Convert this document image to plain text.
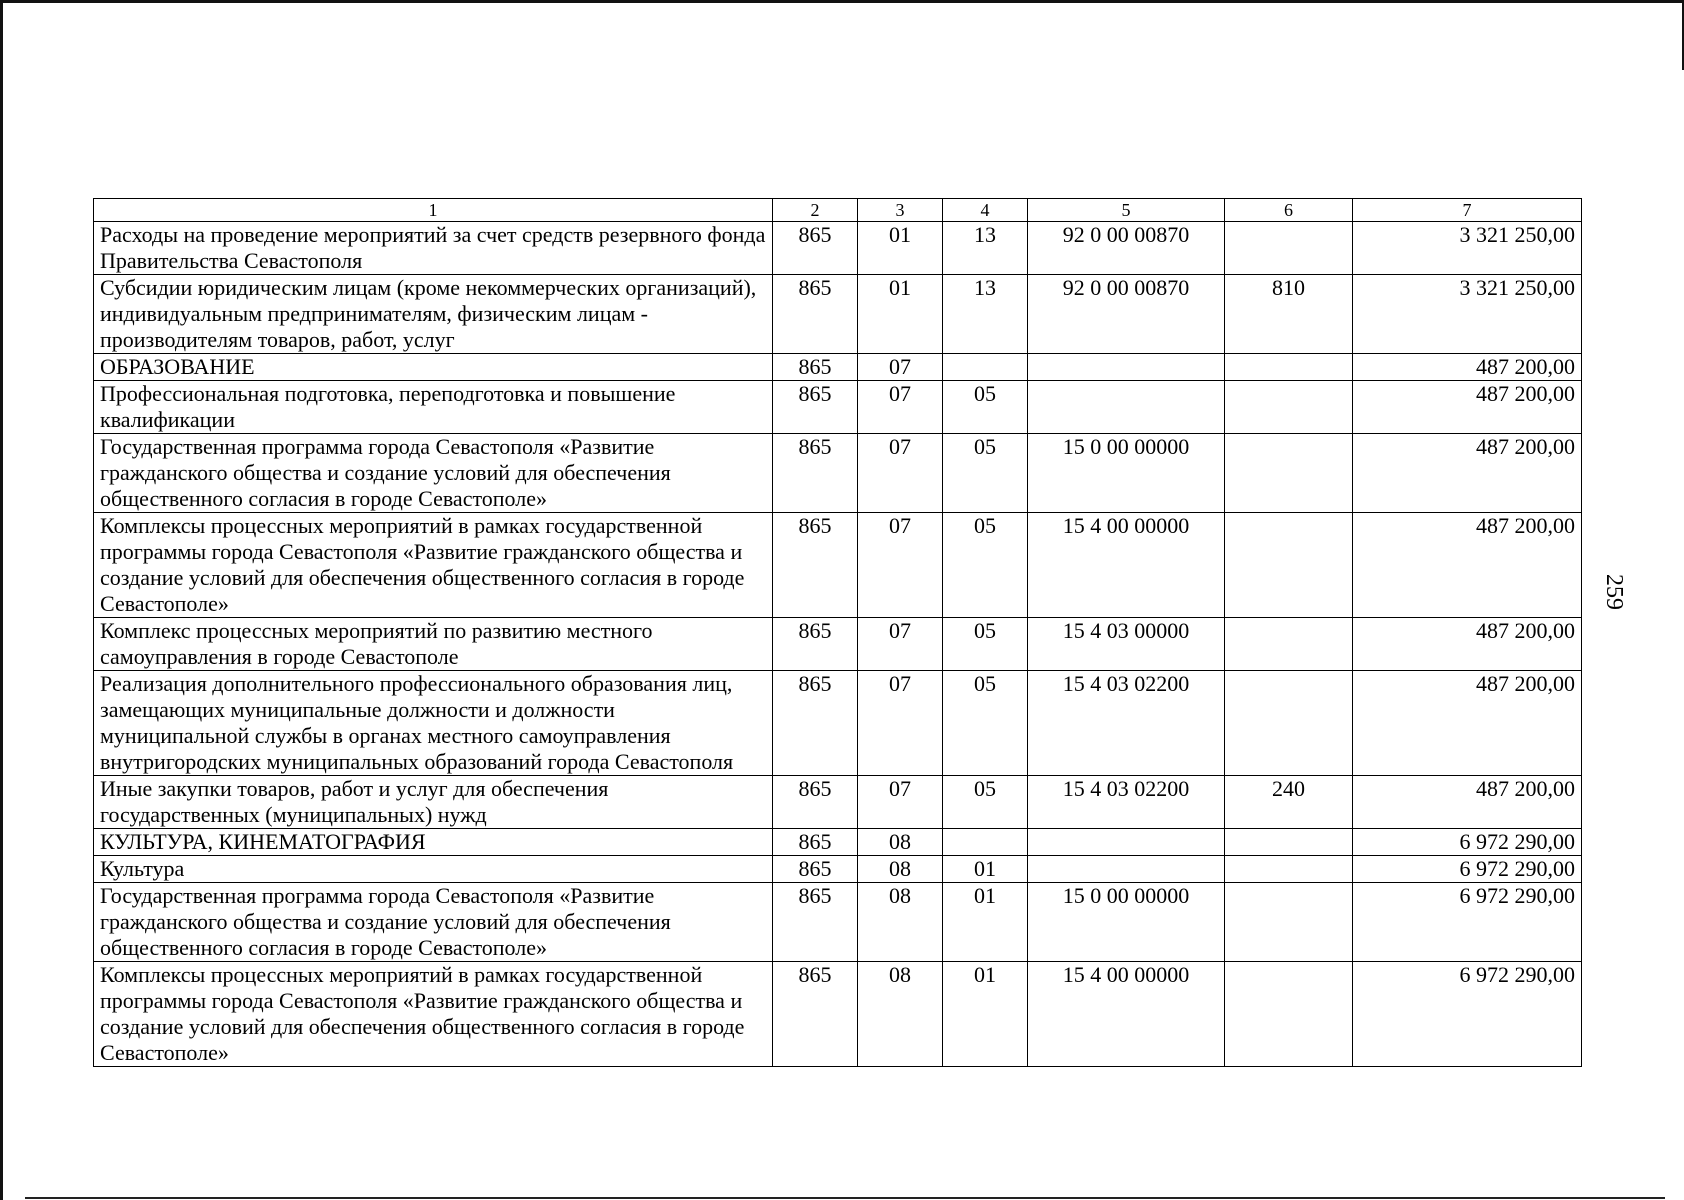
259
1	2	3	4	5	6	7
Расходы на проведение мероприятий за счет средств резервного фонда Правительства Севастополя	865	01	13	92 0 00 00870		3 321 250,00
Субсидии юридическим лицам (кроме некоммерческих организаций), индивидуальным предпринимателям, физическим лицам - производителям товаров, работ, услуг	865	01	13	92 0 00 00870	810	3 321 250,00
ОБРАЗОВАНИЕ	865	07				487 200,00
Профессиональная подготовка, переподготовка и повышение квалификации	865	07	05			487 200,00
Государственная программа города Севастополя «Развитие гражданского общества и создание условий для обеспечения общественного согласия в городе Севастополе»	865	07	05	15 0 00 00000		487 200,00
Комплексы процессных мероприятий в рамках государственной программы города Севастополя «Развитие гражданского общества и создание условий для обеспечения общественного согласия в городе Севастополе»	865	07	05	15 4 00 00000		487 200,00
Комплекс процессных мероприятий по развитию местного самоуправления в городе Севастополе	865	07	05	15 4 03 00000		487 200,00
Реализация дополнительного профессионального образования лиц, замещающих муниципальные должности и должности муниципальной службы в органах местного самоуправления внутригородских муниципальных образований города Севастополя	865	07	05	15 4 03 02200		487 200,00
Иные закупки товаров, работ и услуг для обеспечения государственных (муниципальных) нужд	865	07	05	15 4 03 02200	240	487 200,00
КУЛЬТУРА, КИНЕМАТОГРАФИЯ	865	08				6 972 290,00
Культура	865	08	01			6 972 290,00
Государственная программа города Севастополя «Развитие гражданского общества и создание условий для обеспечения общественного согласия в городе Севастополе»	865	08	01	15 0 00 00000		6 972 290,00
Комплексы процессных мероприятий в рамках государственной программы города Севастополя «Развитие гражданского общества и создание условий для обеспечения общественного согласия в городе Севастополе»	865	08	01	15 4 00 00000		6 972 290,00
